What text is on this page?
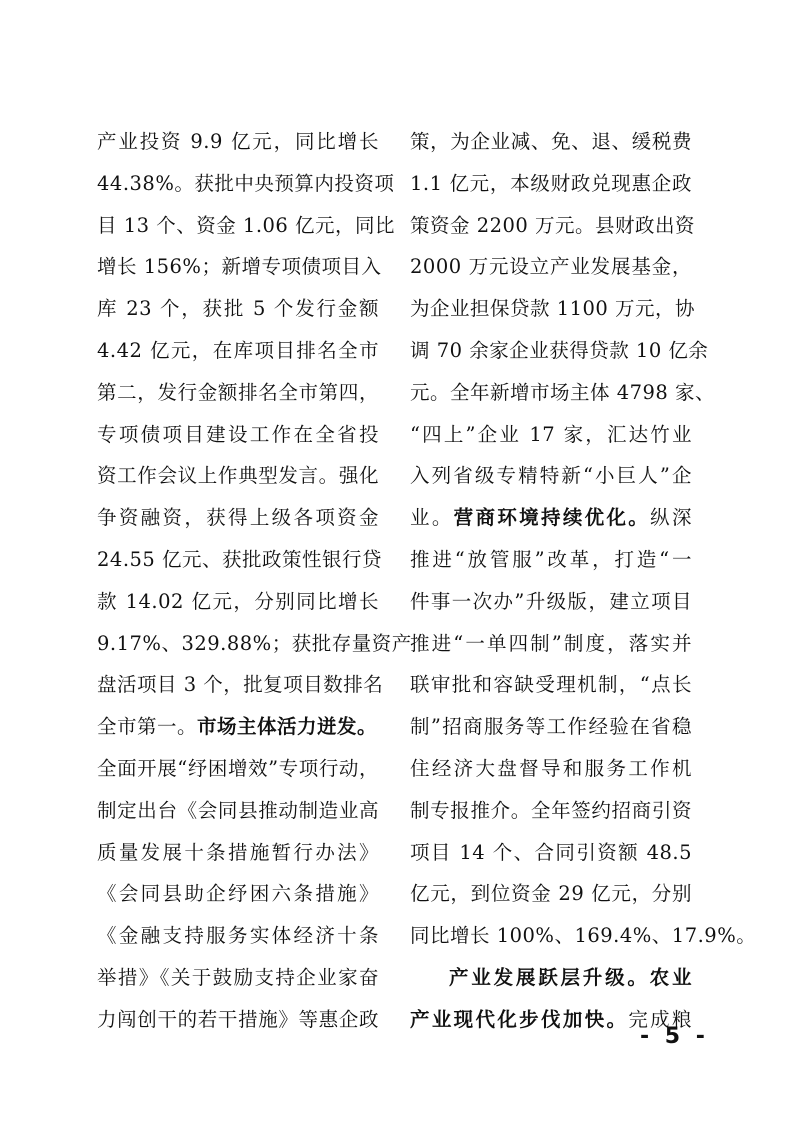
产业投资 9.9 亿元，同比增长
44.38%。获批中央预算内投资项
目 13 个、资金 1.06 亿元，同比
增长 156%；新增专项债项目入
库 23 个，获批 5 个发行金额
4.42 亿元，在库项目排名全市
第二，发行金额排名全市第四，
专项债项目建设工作在全省投
资工作会议上作典型发言。强化
争资融资，获得上级各项资金
24.55 亿元、获批政策性银行贷
款 14.02 亿元，分别同比增长
9.17%、329.88%；获批存量资产
盘活项目 3 个，批复项目数排名
全市第一。市场主体活力迸发。
全面开展“纾困增效”专项行动，
制定出台《会同县推动制造业高
质量发展十条措施暂行办法》
《会同县助企纾困六条措施》
《金融支持服务实体经济十条
举措》《关于鼓励支持企业家奋
力闯创干的若干措施》等惠企政
策，为企业减、免、退、缓税费
1.1 亿元，本级财政兑现惠企政
策资金 2200 万元。县财政出资
2000 万元设立产业发展基金，
为企业担保贷款 1100 万元，协
调 70 余家企业获得贷款 10 亿余
元。全年新增市场主体 4798 家、
“四上”企业 17 家，汇达竹业
入列省级专精特新“小巨人”企
业。营商环境持续优化。纵深
推进“放管服”改革，打造“一
件事一次办”升级版，建立项目
推进“一单四制”制度，落实并
联审批和容缺受理机制，“点长
制”招商服务等工作经验在省稳
住经济大盘督导和服务工作机
制专报推介。全年签约招商引资
项目 14 个、合同引资额 48.5
亿元，到位资金 29 亿元，分别
同比增长 100%、169.4%、17.9%。
产业发展跃层升级。农业
产业现代化步伐加快。完成粮
- 5 -
